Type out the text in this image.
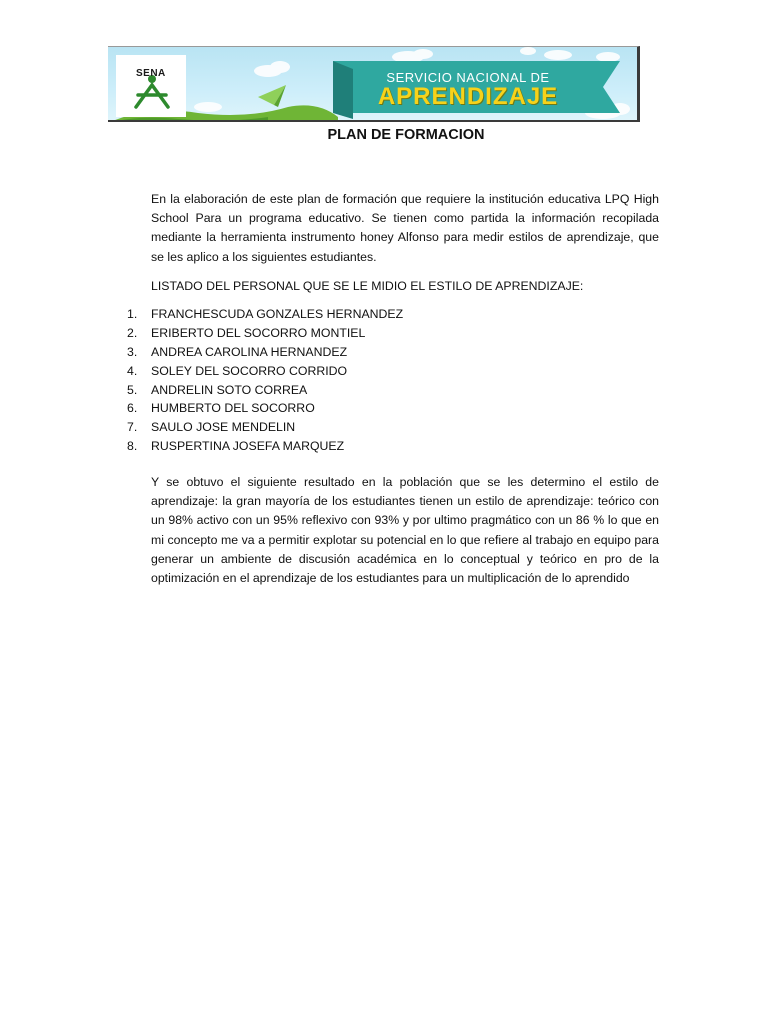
SENA	SERVICIO NACIONAL DE
APRENDIZAJE
PLAN DE FORMACION

En la elaboración de este plan de formación que requiere la institución educativa LPQ High School Para un programa educativo. Se tienen como partida la información recopilada mediante la herramienta instrumento honey Alfonso para medir estilos de aprendizaje, que se les aplico a los siguientes estudiantes.

LISTADO DEL PERSONAL QUE SE LE MIDIO EL ESTILO DE APRENDIZAJE:
1. FRANCHESCUDA GONZALES HERNANDEZ
2. ERIBERTO DEL SOCORRO MONTIEL
3. ANDREA CAROLINA HERNANDEZ
4. SOLEY DEL SOCORRO CORRIDO
5. ANDRELIN SOTO CORREA
6. HUMBERTO DEL SOCORRO
7. SAULO JOSE MENDELIN
8. RUSPERTINA JOSEFA MARQUEZ

Y se obtuvo el siguiente resultado en la población que se les determino el estilo de aprendizaje: la gran mayoría de los estudiantes tienen un estilo de aprendizaje: teórico con un 98% activo con un 95% reflexivo con 93% y por ultimo pragmático con un 86 % lo que en mi concepto me va a permitir explotar su potencial en lo que refiere al trabajo en equipo para generar un ambiente de discusión académica en lo conceptual y teórico en pro de la optimización en el aprendizaje de los estudiantes para un multiplicación de lo aprendido
